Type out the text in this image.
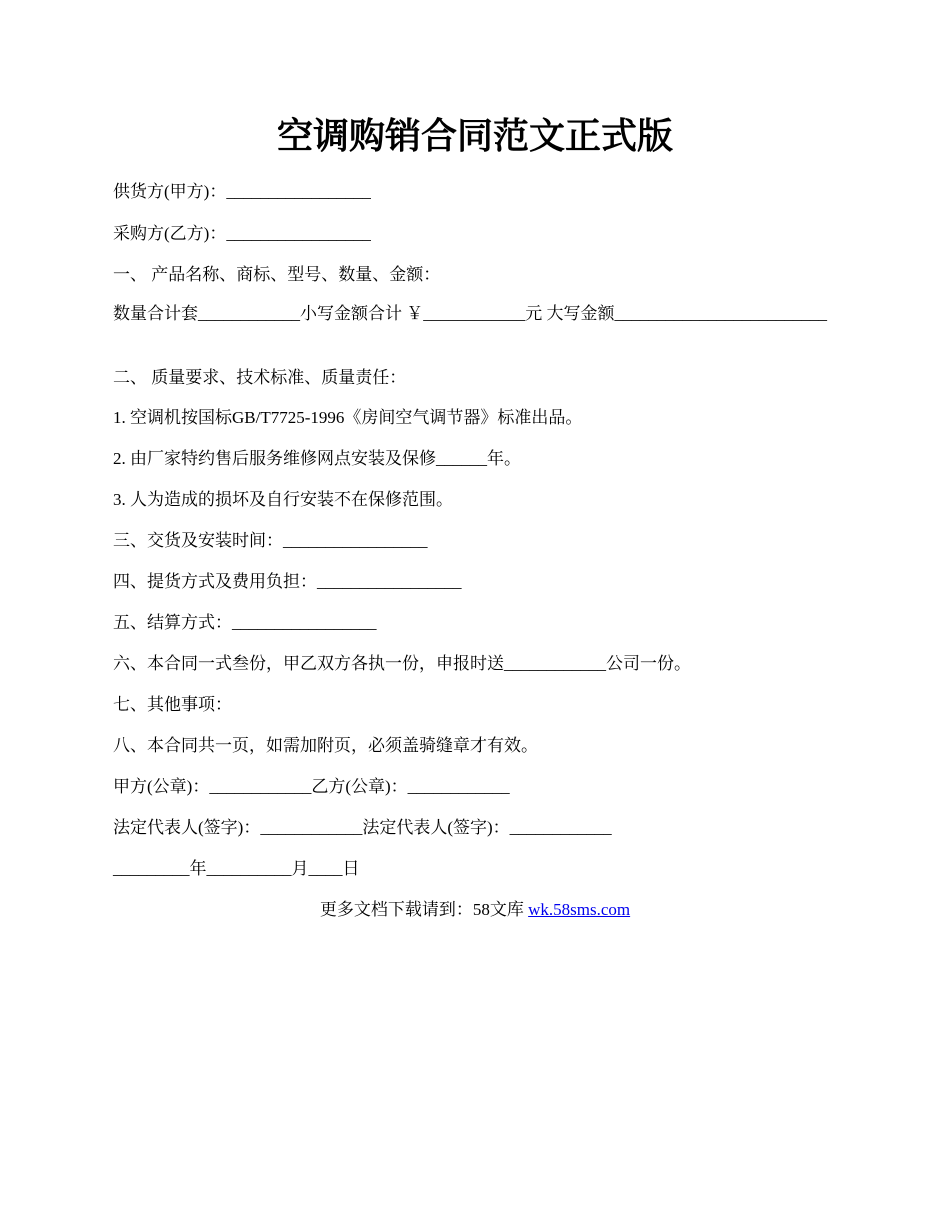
空调购销合同范文正式版
供货方(甲方)：_________________
采购方(乙方)：_________________
一、 产品名称、商标、型号、数量、金额：
数量合计套____________小写金额合计 ￥____________元 大写金额_________________________
二、 质量要求、技术标准、质量责任：
1. 空调机按国标GB/T7725-1996《房间空气调节器》标准出品。
2. 由厂家特约售后服务维修网点安装及保修______年。
3. 人为造成的损坏及自行安装不在保修范围。
三、交货及安装时间：_________________
四、提货方式及费用负担：_________________
五、结算方式：_________________
六、本合同一式叁份，甲乙双方各执一份，申报时送____________公司一份。
七、其他事项：
八、本合同共一页，如需加附页，必须盖骑缝章才有效。
甲方(公章)：____________乙方(公章)：____________
法定代表人(签字)：____________法定代表人(签字)：____________
_________年__________月____日
更多文档下载请到：58文库 wk.58sms.com
